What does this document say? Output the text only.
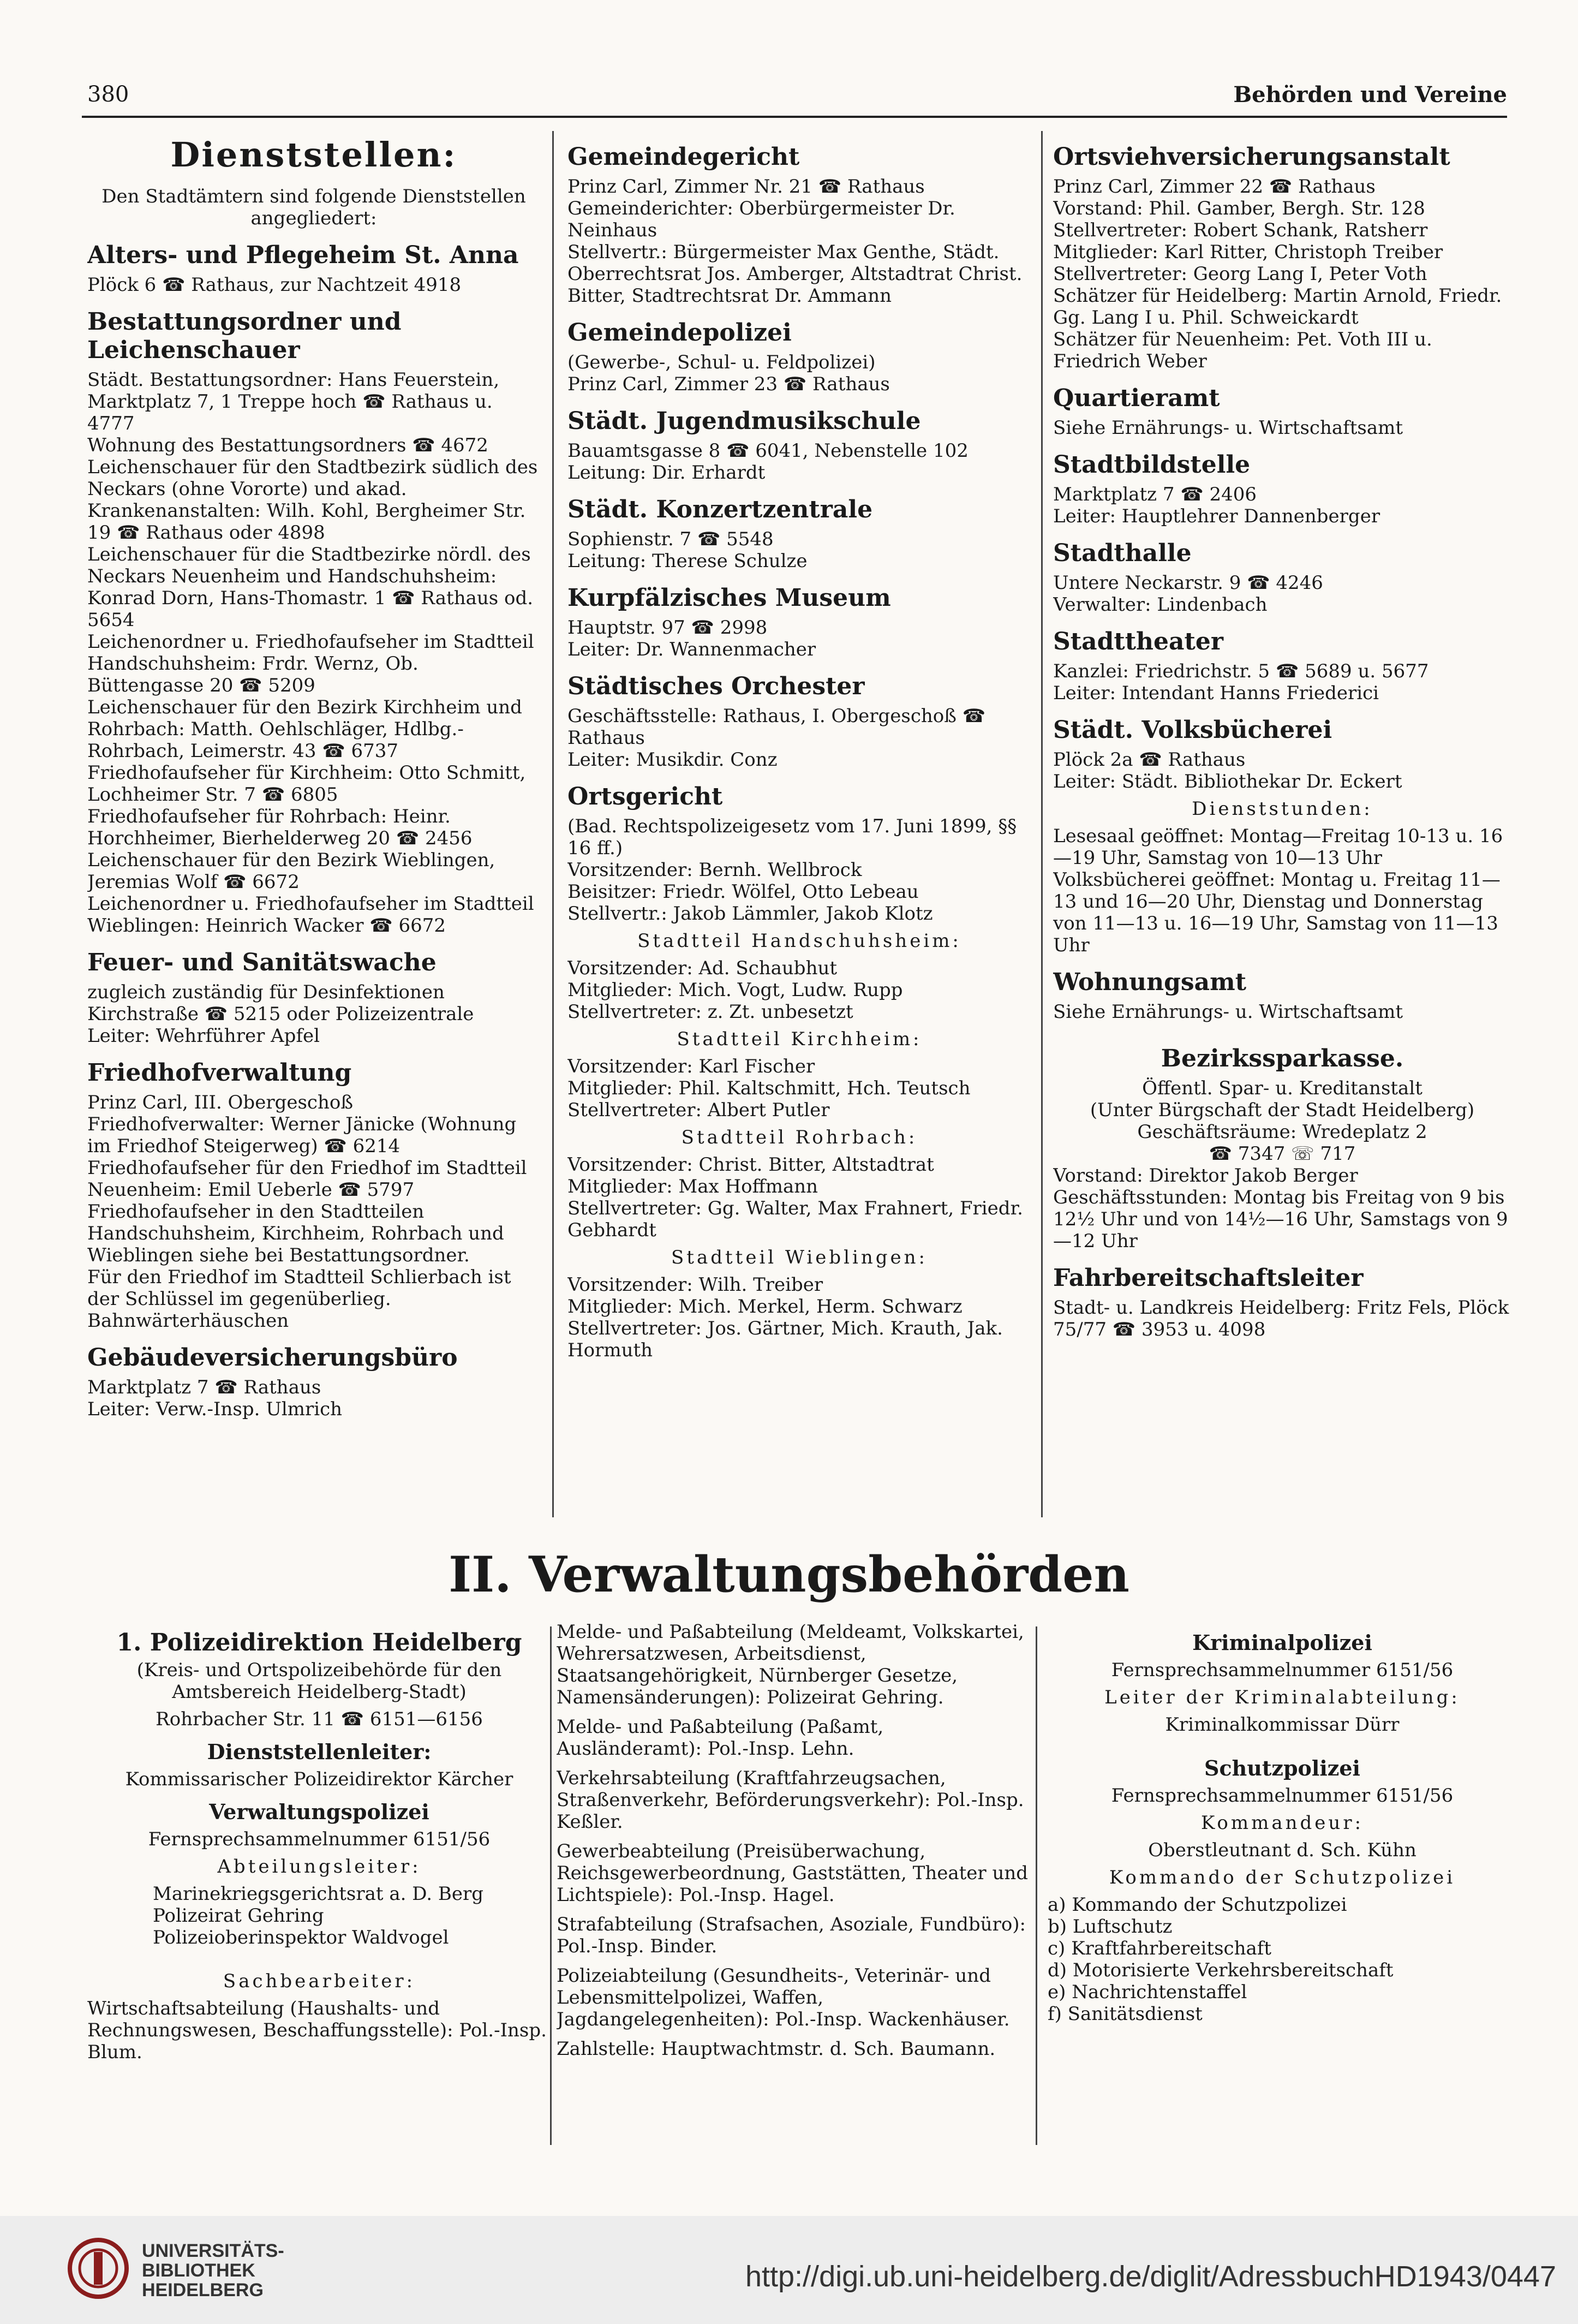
380	Behörden und Vereine
Dienststellen:

Den Stadtämtern sind folgende Dienststellen angegliedert:

Alters- und Pflegeheim St. Anna

Plöck 6 ☎ Rathaus, zur Nachtzeit 4918

Bestattungsordner und Leichenschauer

Städt. Bestattungsordner: Hans Feuerstein, Marktplatz 7, 1 Treppe hoch ☎ Rathaus u. 4777

Wohnung des Bestattungsordners ☎ 4672

Leichenschauer für den Stadtbezirk südlich des Neckars (ohne Vororte) und akad. Krankenanstalten: Wilh. Kohl, Bergheimer Str. 19 ☎ Rathaus oder 4898

Leichenschauer für die Stadtbezirke nördl. des Neckars Neuenheim und Handschuhsheim: Konrad Dorn, Hans-Thomastr. 1 ☎ Rathaus od. 5654

Leichenordner u. Friedhofaufseher im Stadtteil Handschuhsheim: Frdr. Wernz, Ob. Büttengasse 20 ☎ 5209

Leichenschauer für den Bezirk Kirchheim und Rohrbach: Matth. Oehlschläger, Hdlbg.-Rohrbach, Leimerstr. 43 ☎ 6737

Friedhofaufseher für Kirchheim: Otto Schmitt, Lochheimer Str. 7 ☎ 6805

Friedhofaufseher für Rohrbach: Heinr. Horchheimer, Bierhelderweg 20 ☎ 2456

Leichenschauer für den Bezirk Wieblingen, Jeremias Wolf ☎ 6672

Leichenordner u. Friedhofaufseher im Stadtteil Wieblingen: Heinrich Wacker ☎ 6672

Feuer- und Sanitätswache

zugleich zuständig für Desinfektionen Kirchstraße ☎ 5215 oder Polizeizentrale

Leiter: Wehrführer Apfel

Friedhofverwaltung

Prinz Carl, III. Obergeschoß

Friedhofverwalter: Werner Jänicke (Wohnung im Friedhof Steigerweg) ☎ 6214

Friedhofaufseher für den Friedhof im Stadtteil Neuenheim: Emil Ueberle ☎ 5797

Friedhofaufseher in den Stadtteilen Handschuhsheim, Kirchheim, Rohrbach und Wieblingen siehe bei Bestattungsordner.

Für den Friedhof im Stadtteil Schlierbach ist der Schlüssel im gegenüberlieg. Bahnwärterhäuschen

Gebäudeversicherungsbüro

Marktplatz 7 ☎ Rathaus

Leiter: Verw.-Insp. Ulmrich

Gemeindegericht

Prinz Carl, Zimmer Nr. 21 ☎ Rathaus

Gemeinderichter: Oberbürgermeister Dr. Neinhaus

Stellvertr.: Bürgermeister Max Genthe, Städt. Oberrechtsrat Jos. Amberger, Altstadtrat Christ. Bitter, Stadtrechtsrat Dr. Ammann

Gemeindepolizei

(Gewerbe-, Schul- u. Feldpolizei)

Prinz Carl, Zimmer 23 ☎ Rathaus

Städt. Jugendmusikschule

Bauamtsgasse 8 ☎ 6041, Nebenstelle 102

Leitung: Dir. Erhardt

Städt. Konzertzentrale

Sophienstr. 7 ☎ 5548

Leitung: Therese Schulze

Kurpfälzisches Museum

Hauptstr. 97 ☎ 2998

Leiter: Dr. Wannenmacher

Städtisches Orchester

Geschäftsstelle: Rathaus, I. Obergeschoß ☎ Rathaus

Leiter: Musikdir. Conz

Ortsgericht

(Bad. Rechtspolizeigesetz vom 17. Juni 1899, §§ 16 ff.)

Vorsitzender: Bernh. Wellbrock

Beisitzer: Friedr. Wölfel, Otto Lebeau

Stellvertr.: Jakob Lämmler, Jakob Klotz

Stadtteil Handschuhsheim:

Vorsitzender: Ad. Schaubhut

Mitglieder: Mich. Vogt, Ludw. Rupp

Stellvertreter: z. Zt. unbesetzt

Stadtteil Kirchheim:

Vorsitzender: Karl Fischer

Mitglieder: Phil. Kaltschmitt, Hch. Teutsch

Stellvertreter: Albert Putler

Stadtteil Rohrbach:

Vorsitzender: Christ. Bitter, Altstadtrat

Mitglieder: Max Hoffmann

Stellvertreter: Gg. Walter, Max Frahnert, Friedr. Gebhardt

Stadtteil Wieblingen:

Vorsitzender: Wilh. Treiber

Mitglieder: Mich. Merkel, Herm. Schwarz

Stellvertreter: Jos. Gärtner, Mich. Krauth, Jak. Hormuth

Ortsviehversicherungsanstalt

Prinz Carl, Zimmer 22 ☎ Rathaus

Vorstand: Phil. Gamber, Bergh. Str. 128

Stellvertreter: Robert Schank, Ratsherr

Mitglieder: Karl Ritter, Christoph Treiber

Stellvertreter: Georg Lang I, Peter Voth

Schätzer für Heidelberg: Martin Arnold, Friedr. Gg. Lang I u. Phil. Schweickardt

Schätzer für Neuenheim: Pet. Voth III u. Friedrich Weber

Quartieramt

Siehe Ernährungs- u. Wirtschaftsamt

Stadtbildstelle

Marktplatz 7 ☎ 2406

Leiter: Hauptlehrer Dannenberger

Stadthalle

Untere Neckarstr. 9 ☎ 4246

Verwalter: Lindenbach

Stadttheater

Kanzlei: Friedrichstr. 5 ☎ 5689 u. 5677

Leiter: Intendant Hanns Friederici

Städt. Volksbücherei

Plöck 2a ☎ Rathaus

Leiter: Städt. Bibliothekar Dr. Eckert

Dienststunden:

Lesesaal geöffnet: Montag—Freitag 10-13 u. 16—19 Uhr, Samstag von 10—13 Uhr

Volksbücherei geöffnet: Montag u. Freitag 11—13 und 16—20 Uhr, Dienstag und Donnerstag von 11—13 u. 16—19 Uhr, Samstag von 11—13 Uhr

Wohnungsamt

Siehe Ernährungs- u. Wirtschaftsamt

Bezirkssparkasse.

Öffentl. Spar- u. Kreditanstalt

(Unter Bürgschaft der Stadt Heidelberg)

Geschäftsräume: Wredeplatz 2

☎ 7347 ☏ 717

Vorstand: Direktor Jakob Berger

Geschäftsstunden: Montag bis Freitag von 9 bis 12½ Uhr und von 14½—16 Uhr, Samstags von 9—12 Uhr

Fahrbereitschaftsleiter

Stadt- u. Landkreis Heidelberg: Fritz Fels, Plöck 75/77 ☎ 3953 u. 4098

II. Verwaltungsbehörden
1. Polizeidirektion Heidelberg

(Kreis- und Ortspolizeibehörde für den Amtsbereich Heidelberg-Stadt)

Rohrbacher Str. 11 ☎ 6151—6156

Dienststellenleiter:

Kommissarischer Polizeidirektor Kärcher

Verwaltungspolizei

Fernsprechsammelnummer 6151/56

Abteilungsleiter:

Marinekriegsgerichtsrat a. D. Berg

Polizeirat Gehring

Polizeioberinspektor Waldvogel

Sachbearbeiter:

Wirtschaftsabteilung (Haushalts- und Rechnungswesen, Beschaffungsstelle): Pol.-Insp. Blum.

Melde- und Paßabteilung (Meldeamt, Volkskartei, Wehrersatzwesen, Arbeitsdienst, Staatsangehörigkeit, Nürnberger Gesetze, Namensänderungen): Polizeirat Gehring.

Melde- und Paßabteilung (Paßamt, Ausländeramt): Pol.-Insp. Lehn.

Verkehrsabteilung (Kraftfahrzeugsachen, Straßenverkehr, Beförderungsverkehr): Pol.-Insp. Keßler.

Gewerbeabteilung (Preisüberwachung, Reichsgewerbeordnung, Gaststätten, Theater und Lichtspiele): Pol.-Insp. Hagel.

Strafabteilung (Strafsachen, Asoziale, Fundbüro): Pol.-Insp. Binder.

Polizeiabteilung (Gesundheits-, Veterinär- und Lebensmittelpolizei, Waffen, Jagdangelegenheiten): Pol.-Insp. Wackenhäuser.

Zahlstelle: Hauptwachtmstr. d. Sch. Baumann.

Kriminalpolizei

Fernsprechsammelnummer 6151/56

Leiter der Kriminalabteilung:

Kriminalkommissar Dürr

Schutzpolizei

Fernsprechsammelnummer 6151/56

Kommandeur:

Oberstleutnant d. Sch. Kühn

Kommando der Schutzpolizei

a) Kommando der Schutzpolizei

b) Luftschutz

c) Kraftfahrbereitschaft

d) Motorisierte Verkehrsbereitschaft

e) Nachrichtenstaffel

f) Sanitätsdienst

UNIVERSITÄTS-
BIBLIOTHEK
HEIDELBERG	http://digi.ub.uni-heidelberg.de/diglit/AdressbuchHD1943/0447
